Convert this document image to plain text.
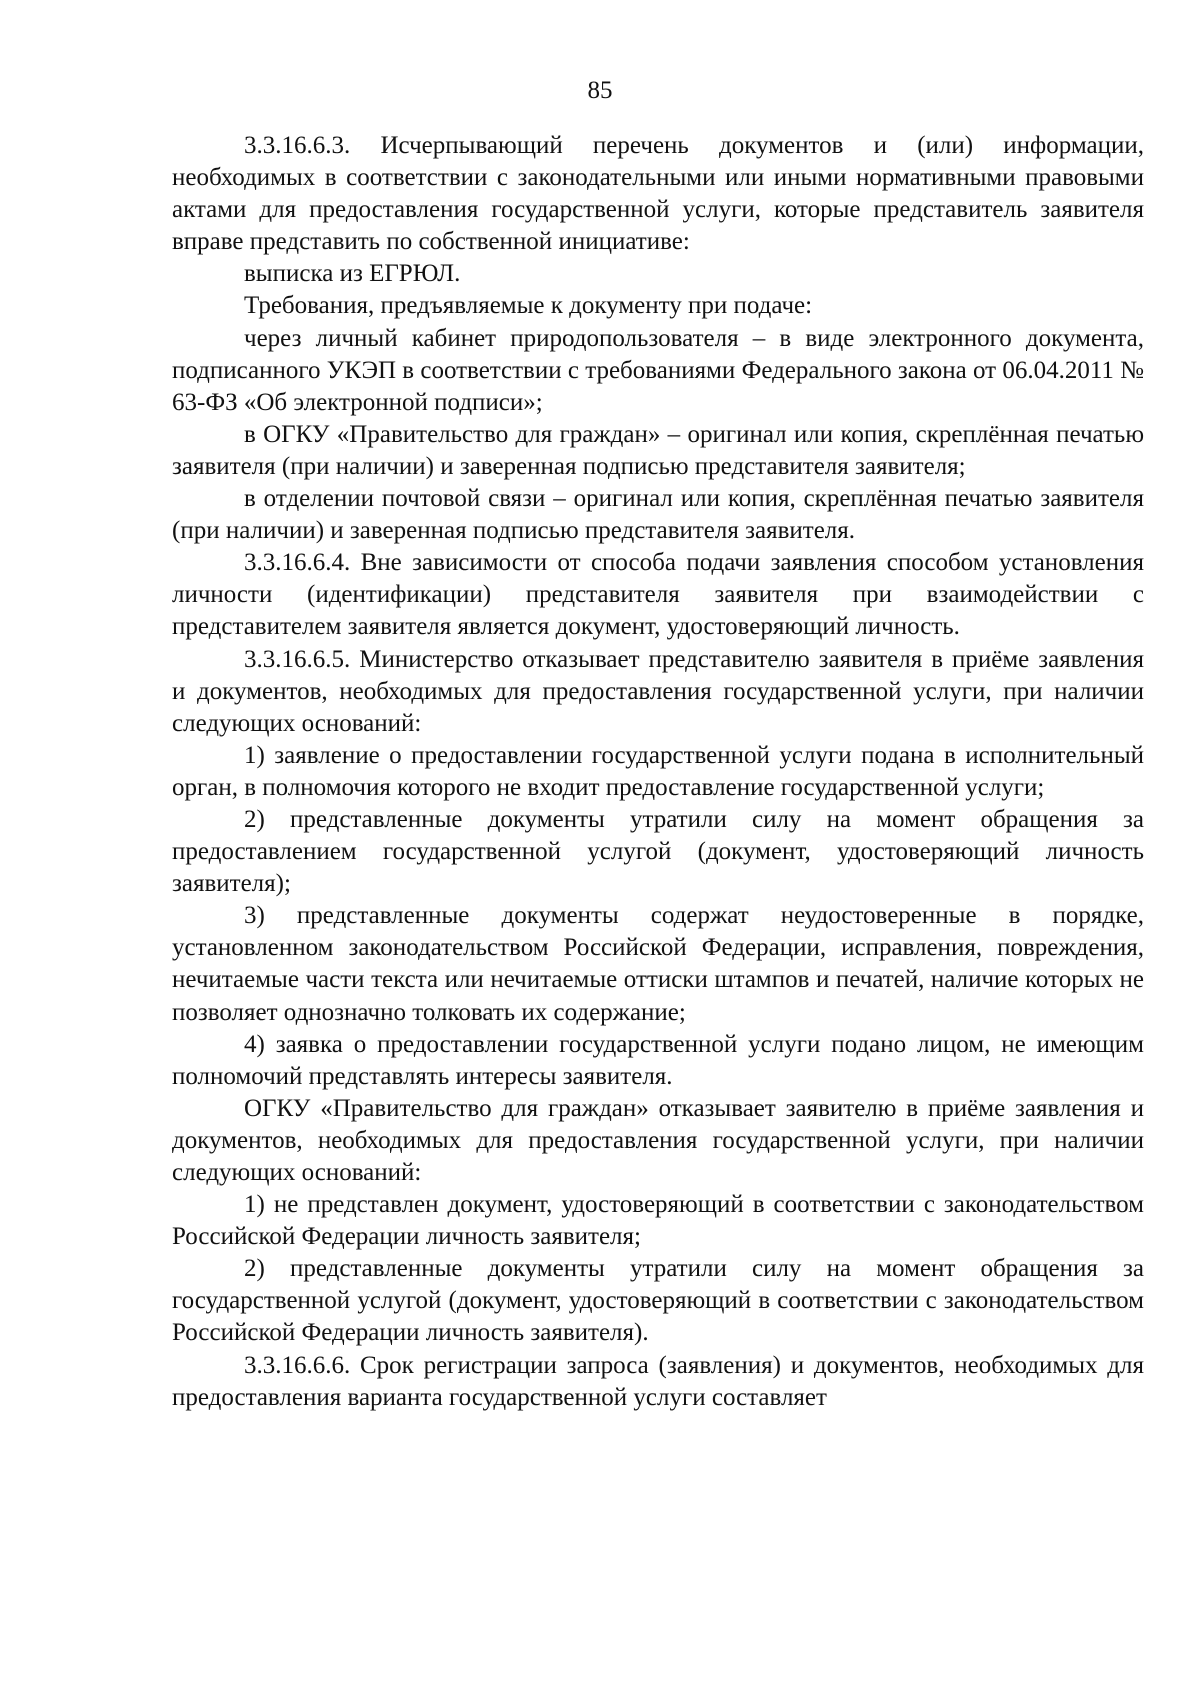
85

3.3.16.6.3. Исчерпывающий перечень документов и (или) информации, необходимых в соответствии с законодательными или иными нормативными правовыми актами для предоставления государственной услуги, которые представитель заявителя вправе представить по собственной инициативе:

выписка из ЕГРЮЛ.

Требования, предъявляемые к документу при подаче:

через личный кабинет природопользователя – в виде электронного документа, подписанного УКЭП в соответствии с требованиями Федерального закона от 06.04.2011 № 63-ФЗ «Об электронной подписи»;

в ОГКУ «Правительство для граждан» – оригинал или копия, скреплённая печатью заявителя (при наличии) и заверенная подписью представителя заявителя;

в отделении почтовой связи – оригинал или копия, скреплённая печатью заявителя (при наличии) и заверенная подписью представителя заявителя.

3.3.16.6.4. Вне зависимости от способа подачи заявления способом установления личности (идентификации) представителя заявителя при взаимодействии с представителем заявителя является документ, удостоверяющий личность.

3.3.16.6.5. Министерство отказывает представителю заявителя в приёме заявления и документов, необходимых для предоставления государственной услуги, при наличии следующих оснований:

1) заявление о предоставлении государственной услуги подана в исполнительный орган, в полномочия которого не входит предоставление государственной услуги;

2) представленные документы утратили силу на момент обращения за предоставлением государственной услугой (документ, удостоверяющий личность заявителя);

3) представленные документы содержат неудостоверенные в порядке, установленном законодательством Российской Федерации, исправления, повреждения, нечитаемые части текста или нечитаемые оттиски штампов и печатей, наличие которых не позволяет однозначно толковать их содержание;

4) заявка о предоставлении государственной услуги подано лицом, не имеющим полномочий представлять интересы заявителя.

ОГКУ «Правительство для граждан» отказывает заявителю в приёме заявления и документов, необходимых для предоставления государственной услуги, при наличии следующих оснований:

1) не представлен документ, удостоверяющий в соответствии с законодательством Российской Федерации личность заявителя;

2) представленные документы утратили силу на момент обращения за государственной услугой (документ, удостоверяющий в соответствии с законодательством Российской Федерации личность заявителя).

3.3.16.6.6. Срок регистрации запроса (заявления) и документов, необходимых для предоставления варианта государственной услуги составляет
